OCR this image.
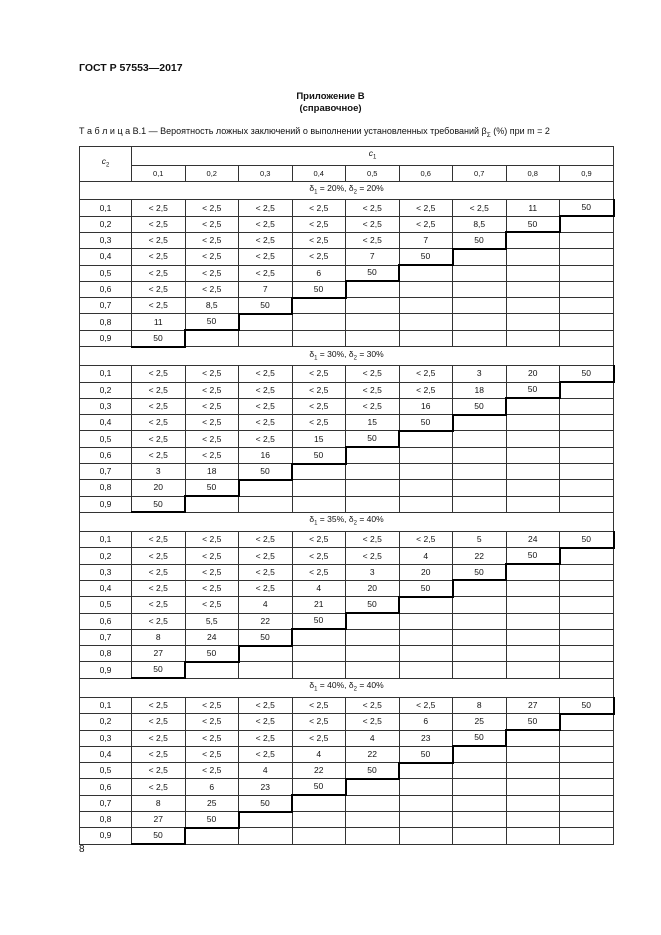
ГОСТ Р 57553—2017
Приложение В
(справочное)
Т а б л и ц а В.1 — Вероятность ложных заключений о выполнении установленных требований $\beta_\Sigma$ (%) при m = 2
$c_2$	$c_1$
	0,1	0,2	0,3	0,4	0,5	0,6	0,7	0,8	0,9
$\delta_1 = 20\%$, $\delta_2 = 20\%$									
0,1	< 2,5	< 2,5	< 2,5	< 2,5	< 2,5	< 2,5	< 2,5	11	50
0,2	< 2,5	< 2,5	< 2,5	< 2,5	< 2,5	< 2,5	8,5	50	
0,3	< 2,5	< 2,5	< 2,5	< 2,5	< 2,5	7	50		
0,4	< 2,5	< 2,5	< 2,5	< 2,5	7	50			
0,5	< 2,5	< 2,5	< 2,5	6	50				
0,6	< 2,5	< 2,5	7	50					
0,7	< 2,5	8,5	50						
0,8	11	50							
0,9	50								
$\delta_1 = 30\%$, $\delta_2 = 30\%$									
0,1	< 2,5	< 2,5	< 2,5	< 2,5	< 2,5	< 2,5	3	20	50
0,2	< 2,5	< 2,5	< 2,5	< 2,5	< 2,5	< 2,5	18	50	
0,3	< 2,5	< 2,5	< 2,5	< 2,5	< 2,5	16	50		
0,4	< 2,5	< 2,5	< 2,5	< 2,5	15	50			
0,5	< 2,5	< 2,5	< 2,5	15	50				
0,6	< 2,5	< 2,5	16	50					
0,7	3	18	50						
0,8	20	50							
0,9	50								
$\delta_1 = 35\%$, $\delta_2 = 40\%$									
0,1	< 2,5	< 2,5	< 2,5	< 2,5	< 2,5	< 2,5	5	24	50
0,2	< 2,5	< 2,5	< 2,5	< 2,5	< 2,5	4	22	50	
0,3	< 2,5	< 2,5	< 2,5	< 2,5	3	20	50		
0,4	< 2,5	< 2,5	< 2,5	4	20	50			
0,5	< 2,5	< 2,5	4	21	50				
0,6	< 2,5	5,5	22	50					
0,7	8	24	50						
0,8	27	50							
0,9	50								
$\delta_1 = 40\%$, $\delta_2 = 40\%$									
0,1	< 2,5	< 2,5	< 2,5	< 2,5	< 2,5	< 2,5	8	27	50
0,2	< 2,5	< 2,5	< 2,5	< 2,5	< 2,5	6	25	50	
0,3	< 2,5	< 2,5	< 2,5	< 2,5	4	23	50		
0,4	< 2,5	< 2,5	< 2,5	4	22	50			
0,5	< 2,5	< 2,5	4	22	50				
0,6	< 2,5	6	23	50					
0,7	8	25	50						
0,8	27	50							
0,9	50								
8
